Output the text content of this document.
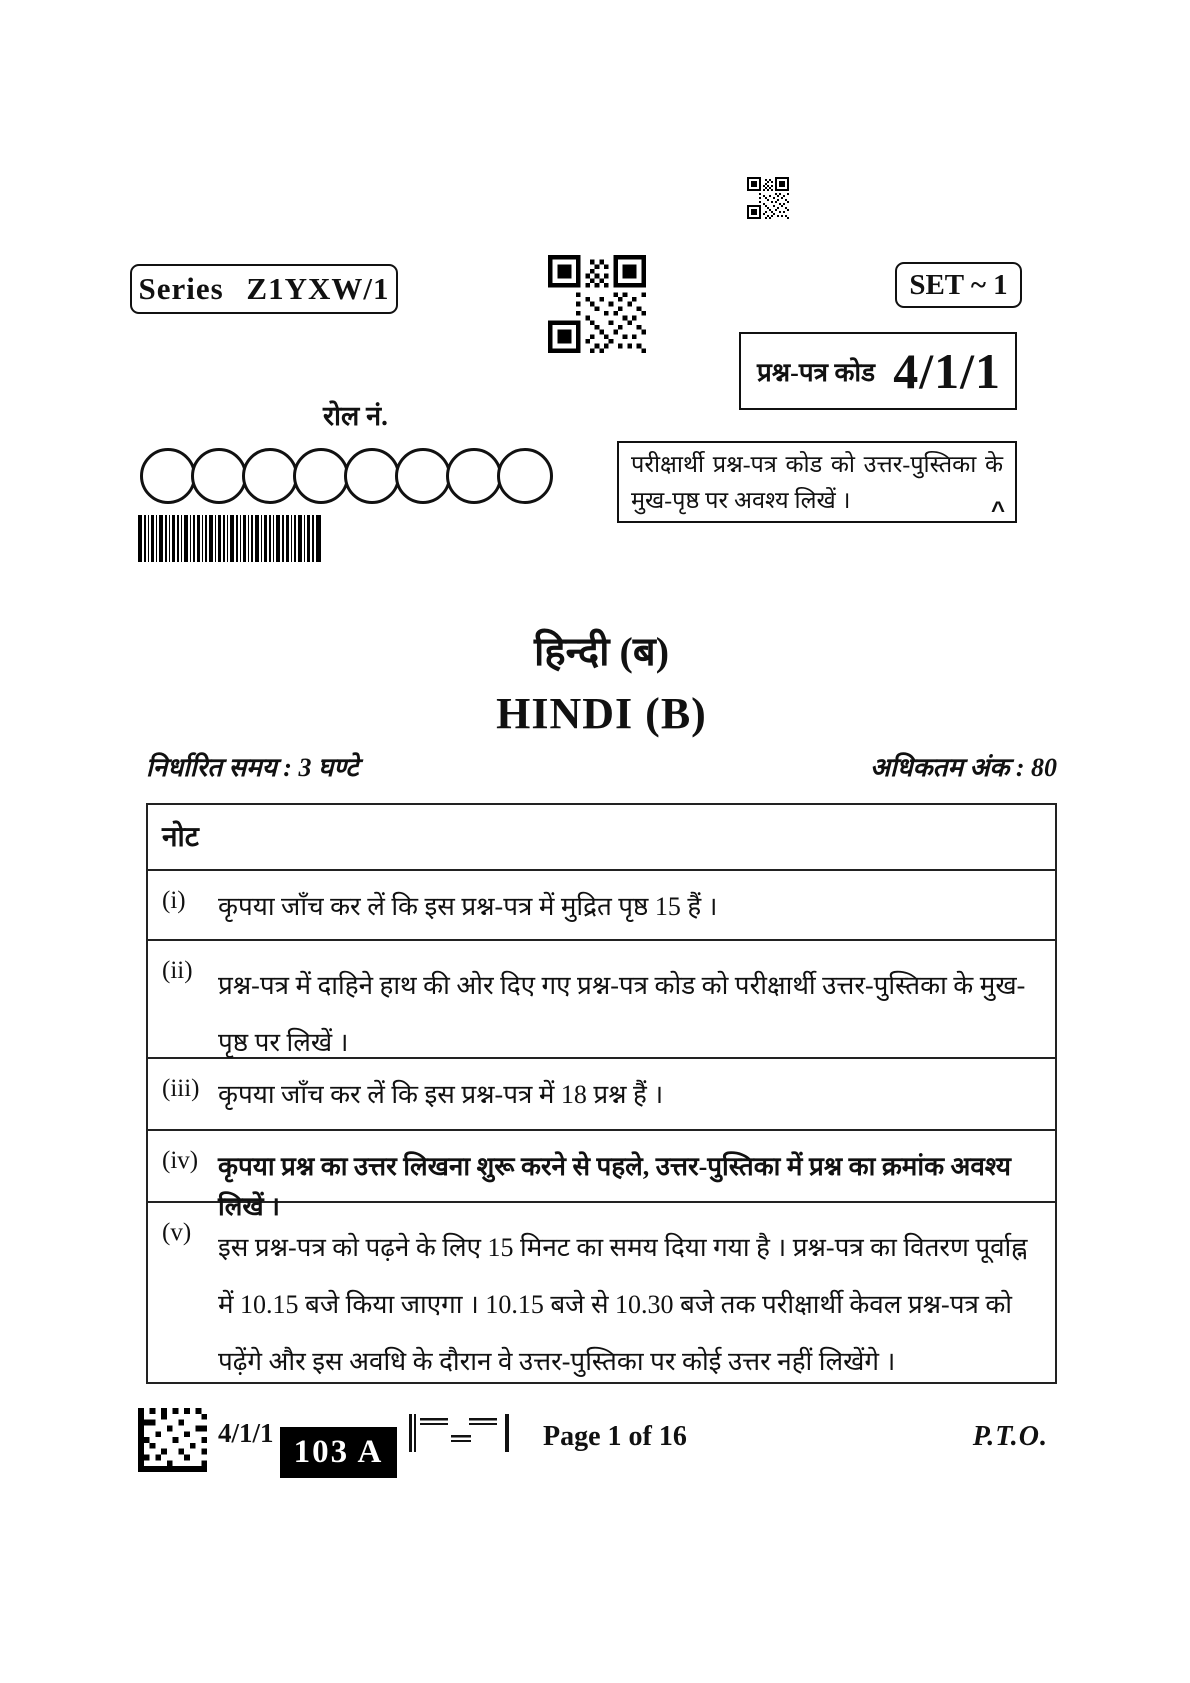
Series Z1YXW/1	SET ~ 1
प्रश्न-पत्र कोड 4/1/1
रोल नं.
परीक्षार्थी प्रश्न-पत्र कोड को उत्तर-पुस्तिका के मुख-पृष्ठ पर अवश्य लिखें ।	^
हिन्दी (ब)
HINDI (B)
निर्धारित समय : 3 घण्टे	अधिकतम अंक : 80
नोट
(i)	कृपया जाँच कर लें कि इस प्रश्न-पत्र में मुद्रित पृष्ठ 15 हैं ।
(ii)
प्रश्न-पत्र में दाहिने हाथ की ओर दिए गए प्रश्न-पत्र कोड को परीक्षार्थी उत्तर-पुस्तिका के मुख-पृष्ठ पर लिखें ।
(iii) कृपया जाँच कर लें कि इस प्रश्न-पत्र में 18 प्रश्न हैं ।
(iv) कृपया प्रश्न का उत्तर लिखना शुरू करने से पहले, उत्तर-पुस्तिका में प्रश्न का क्रमांक अवश्य लिखें ।
(v)
इस प्रश्न-पत्र को पढ़ने के लिए 15 मिनट का समय दिया गया है । प्रश्न-पत्र का वितरण पूर्वाह्न में 10.15 बजे किया जाएगा । 10.15 बजे से 10.30 बजे तक परीक्षार्थी केवल प्रश्न-पत्र को पढ़ेंगे और इस अवधि के दौरान वे उत्तर-पुस्तिका पर कोई उत्तर नहीं लिखेंगे ।
4/1/1
103 A	Page 1 of 16	P.T.O.
